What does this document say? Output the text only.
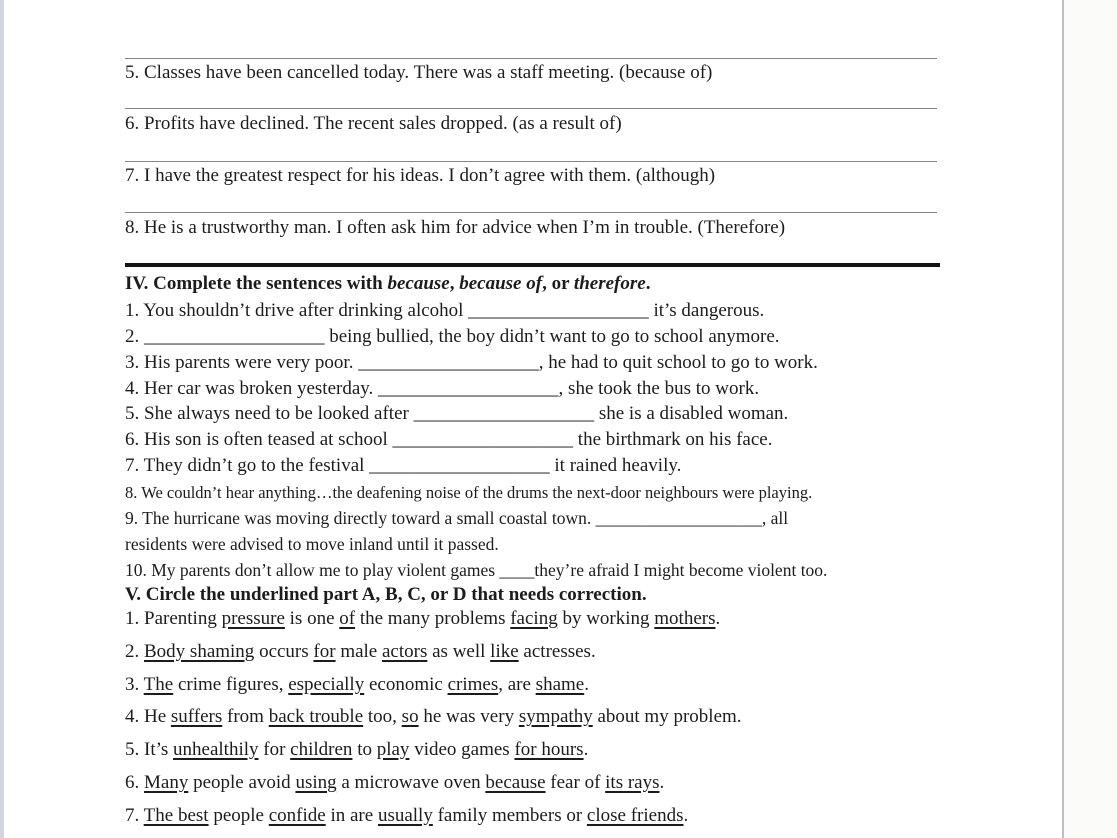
5. Classes have been cancelled today. There was a staff meeting. (because of)

6. Profits have declined. The recent sales dropped. (as a result of)

7. I have the greatest respect for his ideas. I don’t agree with them. (although)

8. He is a trustworthy man. I often ask him for advice when I’m in trouble. (Therefore)

IV. Complete the sentences with because, because of, or therefore.

1. You shouldn’t drive after drinking alcohol ___________________ it’s dangerous.

2. ___________________ being bullied, the boy didn’t want to go to school anymore.

3. His parents were very poor. ___________________, he had to quit school to go to work.

4. Her car was broken yesterday. ___________________, she took the bus to work.

5. She always need to be looked after ___________________ she is a disabled woman.

6. His son is often teased at school ___________________ the birthmark on his face.

7. They didn’t go to the festival ___________________ it rained heavily.

8. We couldn’t hear anything…the deafening noise of the drums the next-door neighbours were playing.

9. The hurricane was moving directly toward a small coastal town. ___________________, all

residents were advised to move inland until it passed.

10. My parents don’t allow me to play violent games ____they’re afraid I might become violent too.

V. Circle the underlined part A, B, C, or D that needs correction.

1. Parenting pressure is one of the many problems facing by working mothers.

2. Body shaming occurs for male actors as well like actresses.

3. The crime figures, especially economic crimes, are shame.

4. He suffers from back trouble too, so he was very sympathy about my problem.

5. It’s unhealthily for children to play video games for hours.

6. Many people avoid using a microwave oven because fear of its rays.

7. The best people confide in are usually family members or close friends.
